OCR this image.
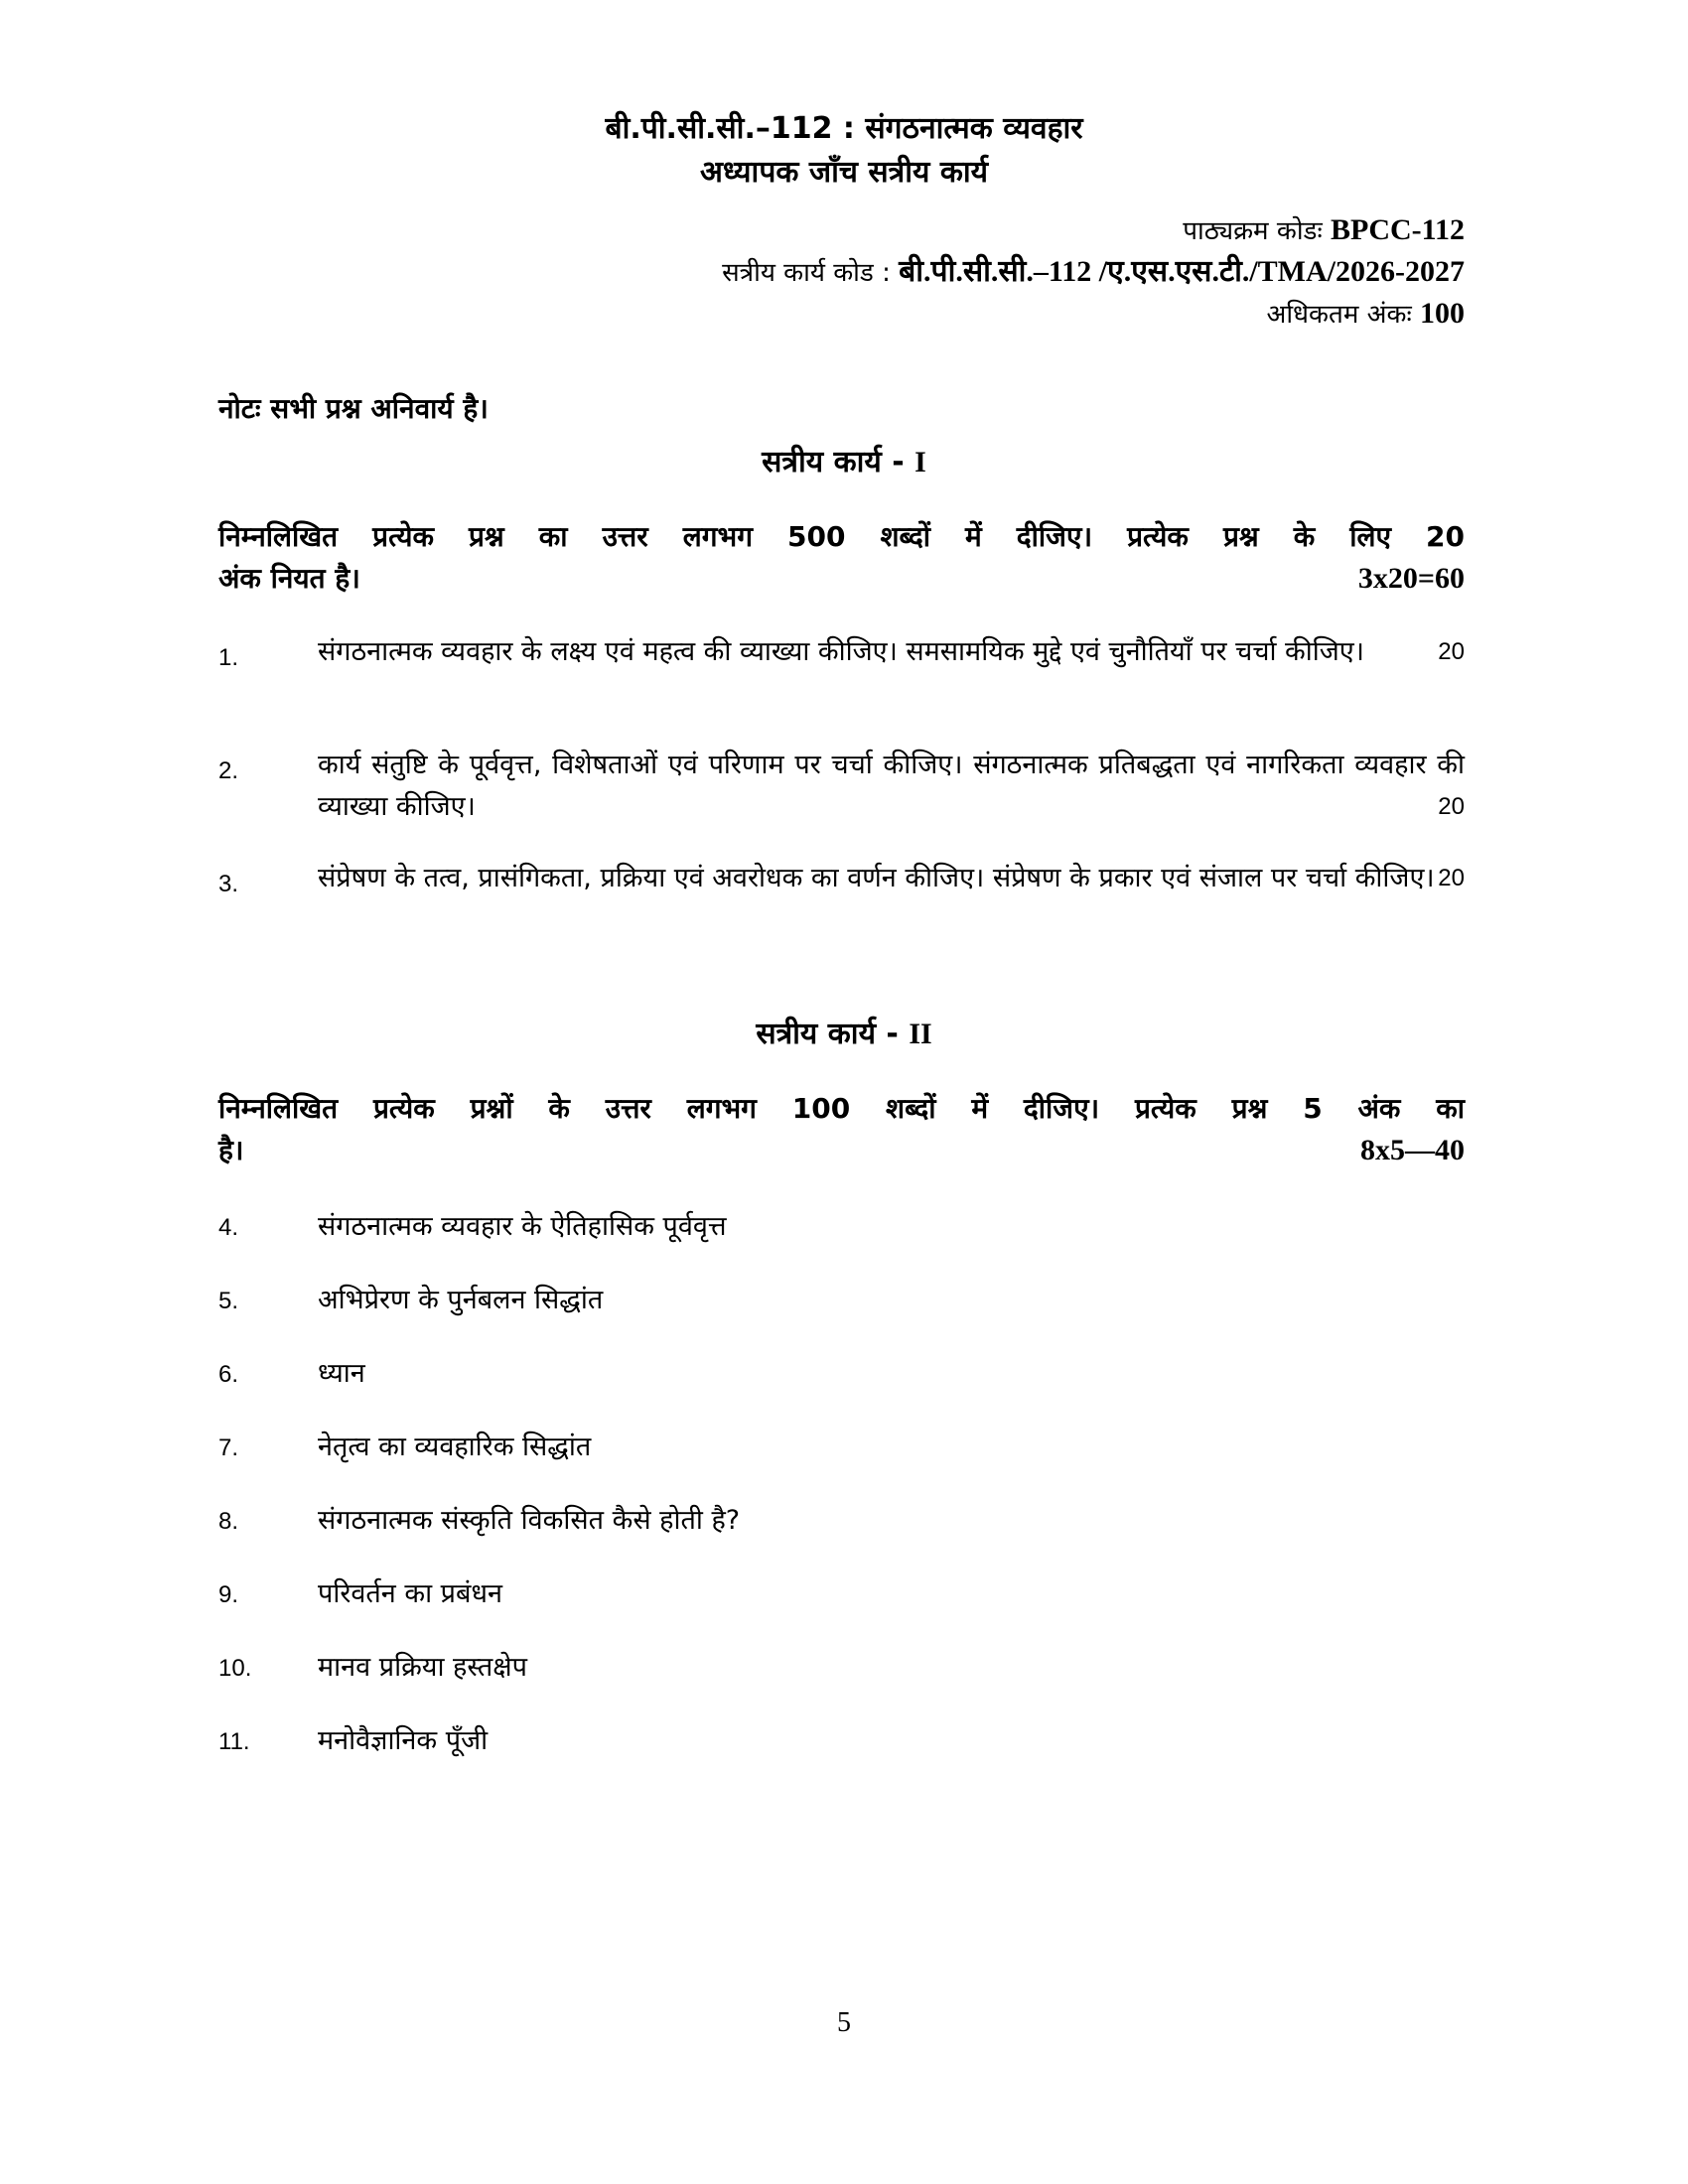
बी.पी.सी.सी.–112 : संगठनात्मक व्यवहार
अध्यापक जाँच सत्रीय कार्य
पाठ्यक्रम कोडः BPCC-112
सत्रीय कार्य कोड : बी.पी.सी.सी.–112 /ए.एस.एस.टी./TMA/2026-2027
अधिकतम अंकः 100
नोटः सभी प्रश्न अनिवार्य है।
सत्रीय कार्य - I
निम्नलिखित प्रत्येक प्रश्न का उत्तर लगभग 500 शब्दों में दीजिए। प्रत्येक प्रश्न के लिए 20
अंक नियत है।	3x20=60
1.	संगठनात्मक व्यवहार के लक्ष्य एवं महत्व की व्याख्या कीजिए। समसामयिक मुद्दे एवं चुनौतियाँ पर चर्चा कीजिए।	20
2.	कार्य संतुष्टि के पूर्ववृत्त, विशेषताओं एवं परिणाम पर चर्चा कीजिए। संगठनात्मक प्रतिबद्धता एवं नागरिकता व्यवहार की व्याख्या कीजिए।	20
3.	संप्रेषण के तत्व, प्रासंगिकता, प्रक्रिया एवं अवरोधक का वर्णन कीजिए। संप्रेषण के प्रकार एवं संजाल पर चर्चा कीजिए। 20
सत्रीय कार्य - II
निम्नलिखित प्रत्येक प्रश्नों के उत्तर लगभग 100 शब्दों में दीजिए। प्रत्येक प्रश्न 5 अंक का
है।	8x5—40
4.	संगठनात्मक व्यवहार के ऐतिहासिक पूर्ववृत्त
5.	अभिप्रेरण के पुर्नबलन सिद्धांत
6.	ध्यान
7.	नेतृत्व का व्यवहारिक सिद्धांत
8.	संगठनात्मक संस्कृति विकसित कैसे होती है?
9.	परिवर्तन का प्रबंधन
10. मानव प्रक्रिया हस्तक्षेप
11.	मनोवैज्ञानिक पूँजी
5
